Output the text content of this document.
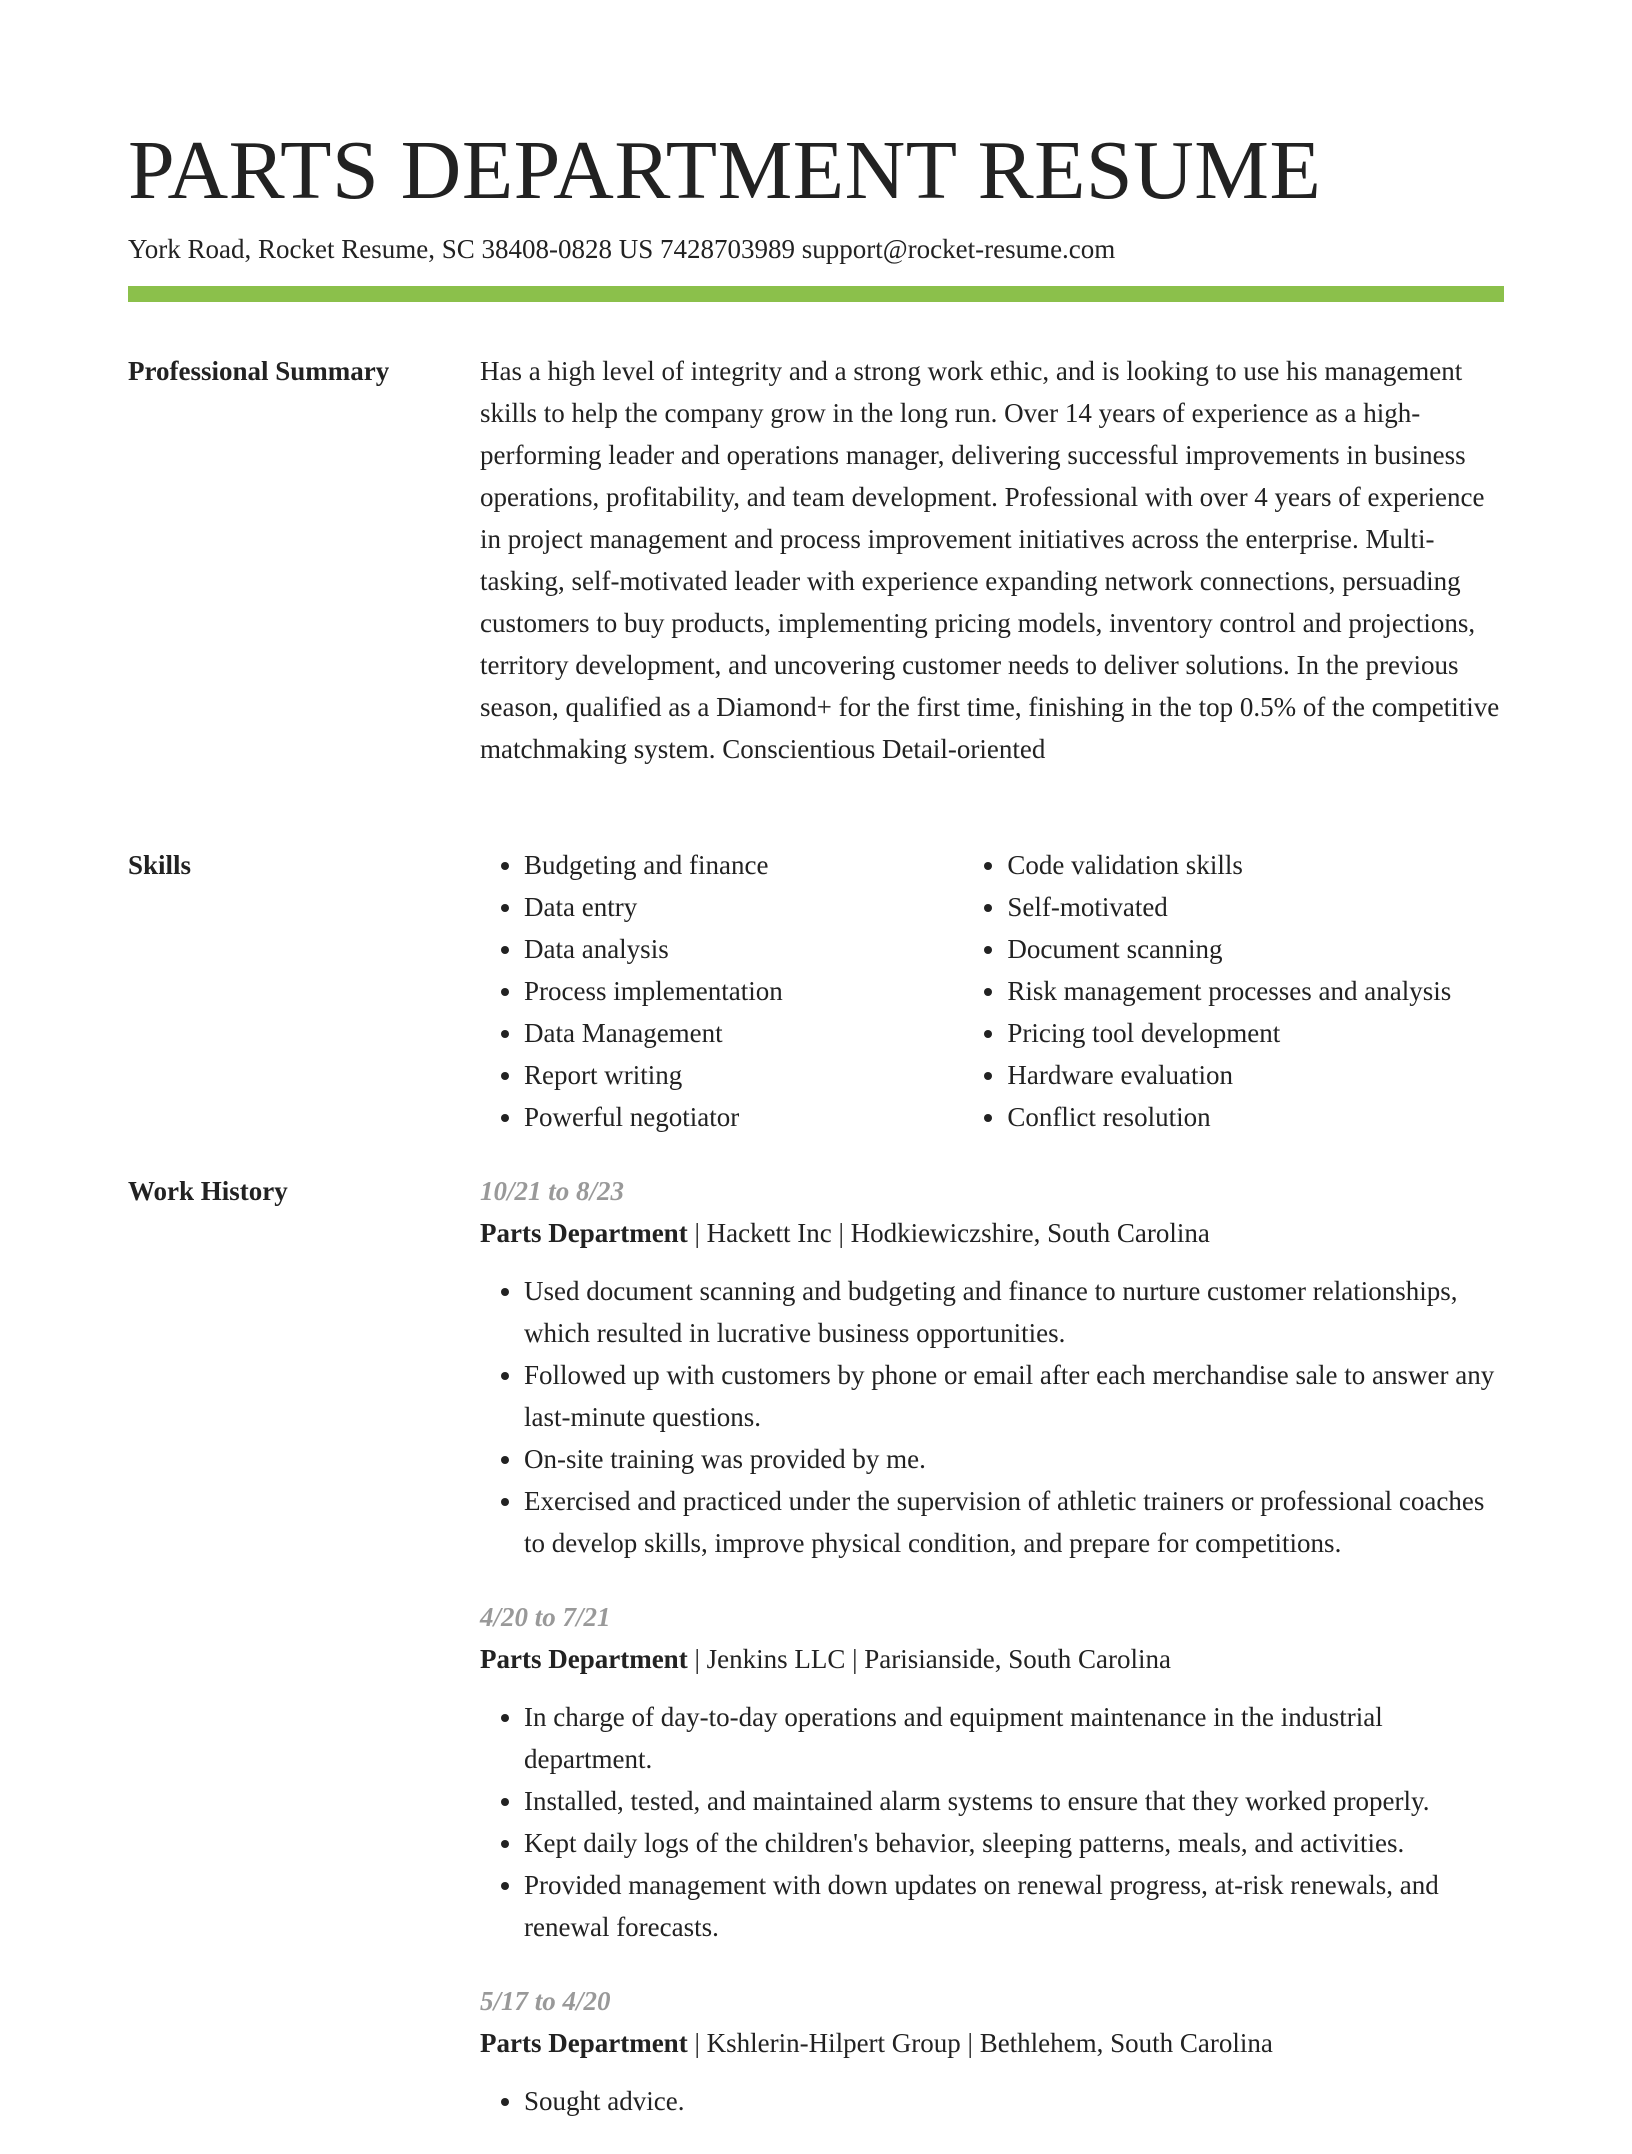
PARTS DEPARTMENT RESUME
York Road, Rocket Resume, SC 38408-0828 US 7428703989 support@rocket-resume.com
Professional Summary	Has a high level of integrity and a strong work ethic, and is looking to use his management skills to help the company grow in the long run. Over 14 years of experience as a high-performing leader and operations manager, delivering successful improvements in business operations, profitability, and team development. Professional with over 4 years of experience in project management and process improvement initiatives across the enterprise. Multi-tasking, self-motivated leader with experience expanding network connections, persuading customers to buy products, implementing pricing models, inventory control and projections, territory development, and uncovering customer needs to deliver solutions. In the previous season, qualified as a Diamond+ for the first time, finishing in the top 0.5% of the competitive matchmaking system. Conscientious Detail-oriented

Skills
•	Budgeting and finance
• Data entry
• Data analysis
• Process implementation
• Data Management
• Report writing
• Powerful negotiator
• Code validation skills
• Self-motivated
• Document scanning
• Risk management processes and analysis
• Pricing tool development
• Hardware evaluation
• Conflict resolution
Work History	10/21 to 8/23
Parts Department | Hackett Inc | Hodkiewiczshire, South Carolina
• Used document scanning and budgeting and finance to nurture customer relationships, which resulted in lucrative business opportunities.
• Followed up with customers by phone or email after each merchandise sale to answer any last-minute questions.
• On-site training was provided by me.
• Exercised and practiced under the supervision of athletic trainers or professional coaches to develop skills, improve physical condition, and prepare for competitions.
4/20 to 7/21
Parts Department | Jenkins LLC | Parisianside, South Carolina
• In charge of day-to-day operations and equipment maintenance in the industrial department.
• Installed, tested, and maintained alarm systems to ensure that they worked properly.
• Kept daily logs of the children's behavior, sleeping patterns, meals, and activities.
• Provided management with down updates on renewal progress, at-risk renewals, and renewal forecasts.
5/17 to 4/20
Parts Department | Kshlerin-Hilpert Group | Bethlehem, South Carolina
• Sought advice.
